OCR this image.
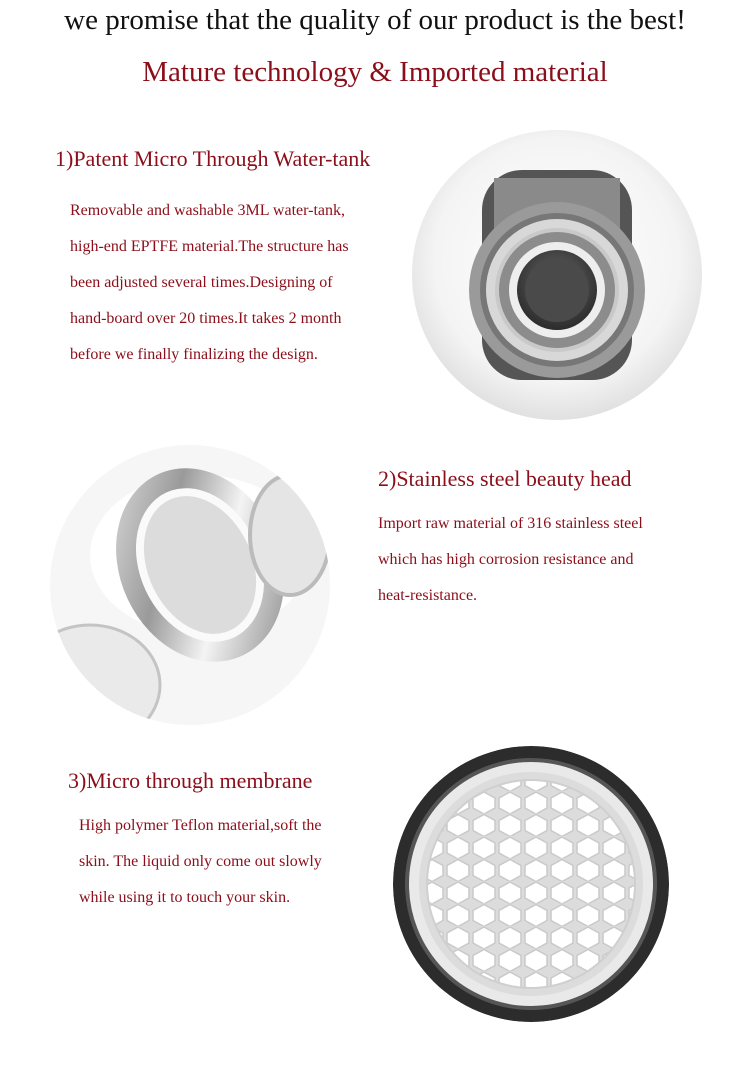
we promise that the quality of our product is the best!
Mature technology & Imported material
1)Patent Micro Through Water-tank
Removable and washable 3ML water-tank,
high-end EPTFE material.The structure has
been adjusted several times.Designing of
hand-board over 20 times.It takes 2 month
before we finally finalizing the design.
2)Stainless steel beauty head
Import raw material of 316 stainless steel
which has high corrosion resistance and
heat-resistance.
3)Micro through membrane
High polymer Teflon material,soft the
skin. The liquid only come out slowly
while using it to touch your skin.
